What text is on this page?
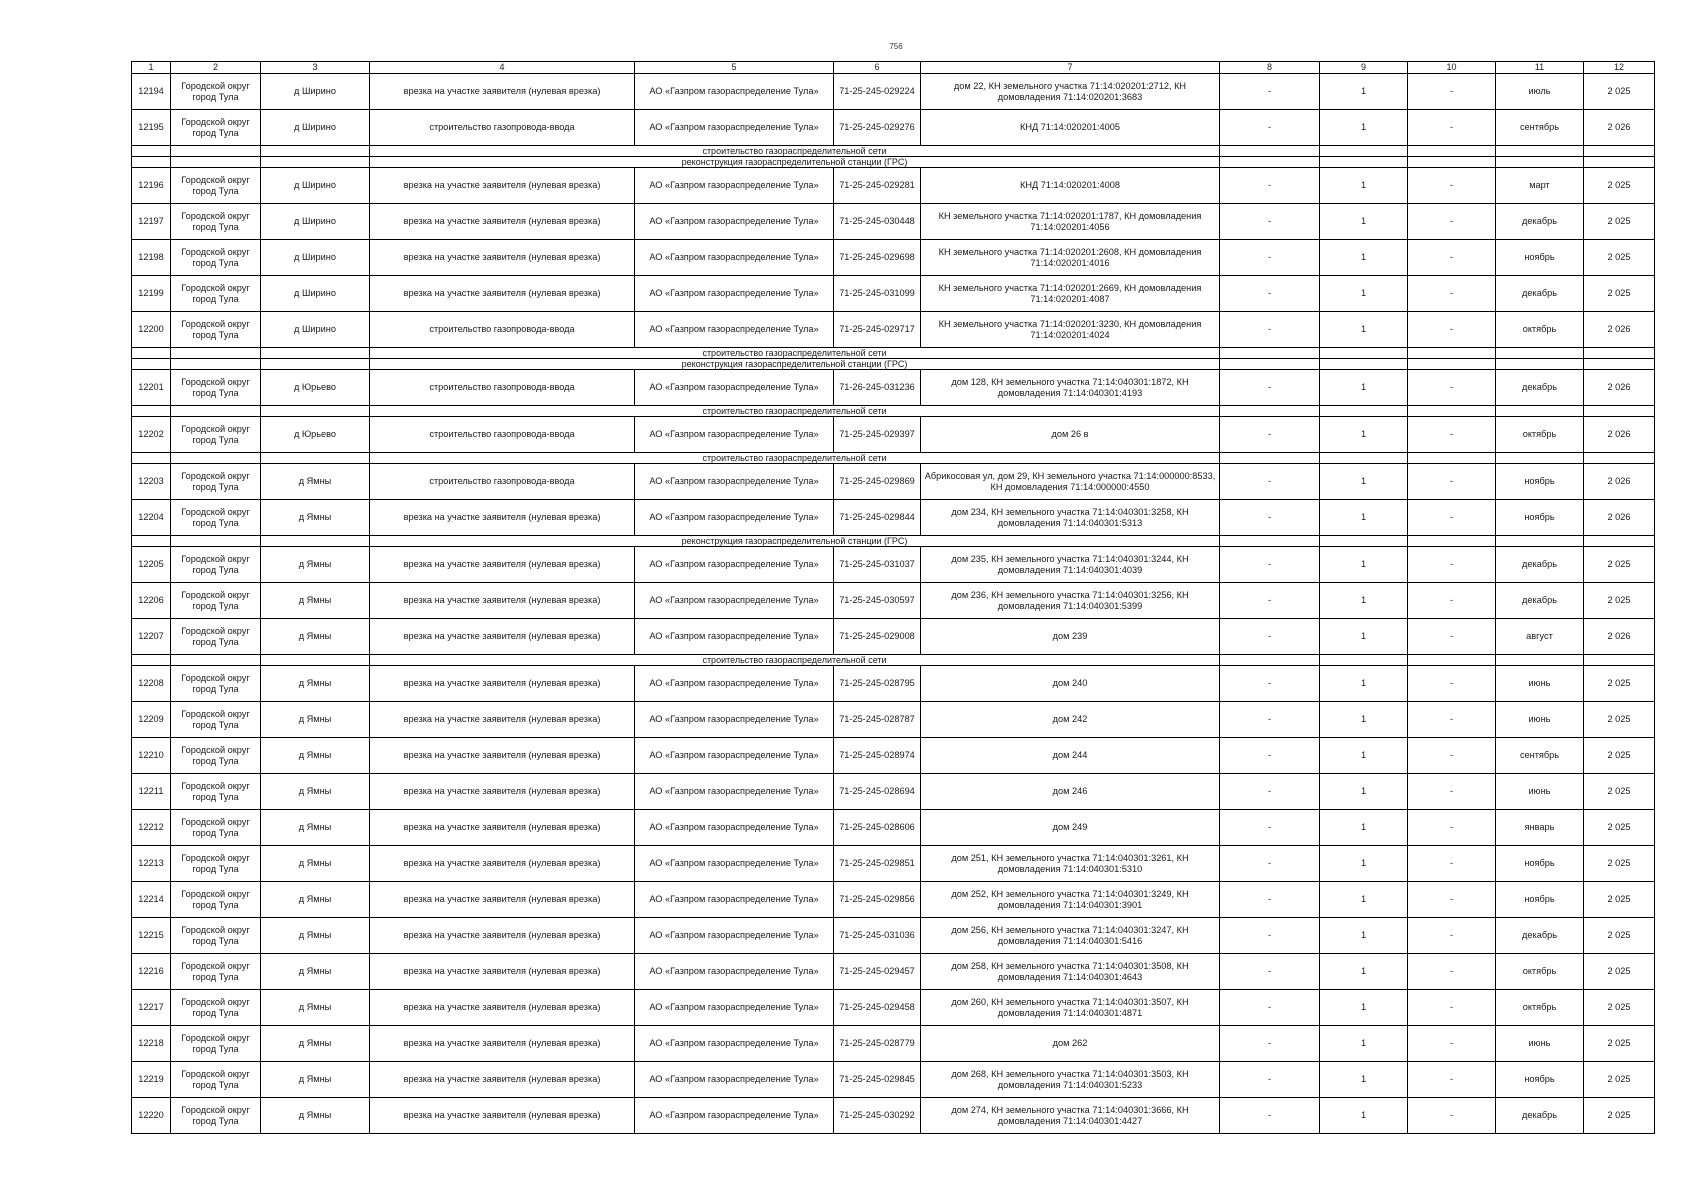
756
1	2	3	4	5	6	7	8	9	10	11	12
12194	Городской округ город Тула	д Ширино	врезка на участке заявителя (нулевая врезка)	АО «Газпром газораспределение Тула»	71-25-245-029224	дом 22, КН земельного участка 71:14:020201:2712, КН домовладения 71:14:020201:3683	-	1	-	июль	2 025
12195	Городской округ город Тула	д Ширино	строительство газопровода-ввода	АО «Газпром газораспределение Тула»	71-25-245-029276	КНД 71:14:020201:4005	-	1	-	сентябрь	2 026
			строительство газораспределительной сети								
			реконструкция газораспределительной станции (ГРС)								
12196	Городской округ город Тула	д Ширино	врезка на участке заявителя (нулевая врезка)	АО «Газпром газораспределение Тула»	71-25-245-029281	КНД 71:14:020201:4008	-	1	-	март	2 025
12197	Городской округ город Тула	д Ширино	врезка на участке заявителя (нулевая врезка)	АО «Газпром газораспределение Тула»	71-25-245-030448	КН земельного участка 71:14:020201:1787, КН домовладения 71:14:020201:4056	-	1	-	декабрь	2 025
12198	Городской округ город Тула	д Ширино	врезка на участке заявителя (нулевая врезка)	АО «Газпром газораспределение Тула»	71-25-245-029698	КН земельного участка 71:14:020201:2608, КН домовладения 71:14:020201:4016	-	1	-	ноябрь	2 025
12199	Городской округ город Тула	д Ширино	врезка на участке заявителя (нулевая врезка)	АО «Газпром газораспределение Тула»	71-25-245-031099	КН земельного участка 71:14:020201:2669, КН домовладения 71:14:020201:4087	-	1	-	декабрь	2 025
12200	Городской округ город Тула	д Ширино	строительство газопровода-ввода	АО «Газпром газораспределение Тула»	71-25-245-029717	КН земельного участка 71:14:020201:3230, КН домовладения 71:14:020201:4024	-	1	-	октябрь	2 026
			строительство газораспределительной сети								
			реконструкция газораспределительной станции (ГРС)								
12201	Городской округ город Тула	д Юрьево	строительство газопровода-ввода	АО «Газпром газораспределение Тула»	71-26-245-031236	дом 128, КН земельного участка 71:14:040301:1872, КН домовладения 71:14:040301:4193	-	1	-	декабрь	2 026
			строительство газораспределительной сети								
12202	Городской округ город Тула	д Юрьево	строительство газопровода-ввода	АО «Газпром газораспределение Тула»	71-25-245-029397	дом 26 в	-	1	-	октябрь	2 026
			строительство газораспределительной сети								
12203	Городской округ город Тула	д Ямны	строительство газопровода-ввода	АО «Газпром газораспределение Тула»	71-25-245-029869	Абрикосовая ул, дом 29, КН земельного участка 71:14:000000:8533, КН домовладения 71:14:000000:4550	-	1	-	ноябрь	2 026
12204	Городской округ город Тула	д Ямны	врезка на участке заявителя (нулевая врезка)	АО «Газпром газораспределение Тула»	71-25-245-029844	дом 234, КН земельного участка 71:14:040301:3258, КН домовладения 71:14:040301:5313	-	1	-	ноябрь	2 026
			реконструкция газораспределительной станции (ГРС)								
12205	Городской округ город Тула	д Ямны	врезка на участке заявителя (нулевая врезка)	АО «Газпром газораспределение Тула»	71-25-245-031037	дом 235, КН земельного участка 71:14:040301:3244, КН домовладения 71:14:040301:4039	-	1	-	декабрь	2 025
12206	Городской округ город Тула	д Ямны	врезка на участке заявителя (нулевая врезка)	АО «Газпром газораспределение Тула»	71-25-245-030597	дом 236, КН земельного участка 71:14:040301:3256, КН домовладения 71:14:040301:5399	-	1	-	декабрь	2 025
12207	Городской округ город Тула	д Ямны	врезка на участке заявителя (нулевая врезка)	АО «Газпром газораспределение Тула»	71-25-245-029008	дом 239	-	1	-	август	2 026
			строительство газораспределительной сети								
12208	Городской округ город Тула	д Ямны	врезка на участке заявителя (нулевая врезка)	АО «Газпром газораспределение Тула»	71-25-245-028795	дом 240	-	1	-	июнь	2 025
12209	Городской округ город Тула	д Ямны	врезка на участке заявителя (нулевая врезка)	АО «Газпром газораспределение Тула»	71-25-245-028787	дом 242	-	1	-	июнь	2 025
12210	Городской округ город Тула	д Ямны	врезка на участке заявителя (нулевая врезка)	АО «Газпром газораспределение Тула»	71-25-245-028974	дом 244	-	1	-	сентябрь	2 025
12211	Городской округ город Тула	д Ямны	врезка на участке заявителя (нулевая врезка)	АО «Газпром газораспределение Тула»	71-25-245-028694	дом 246	-	1	-	июнь	2 025
12212	Городской округ город Тула	д Ямны	врезка на участке заявителя (нулевая врезка)	АО «Газпром газораспределение Тула»	71-25-245-028606	дом 249	-	1	-	январь	2 025
12213	Городской округ город Тула	д Ямны	врезка на участке заявителя (нулевая врезка)	АО «Газпром газораспределение Тула»	71-25-245-029851	дом 251, КН земельного участка 71:14:040301:3261, КН домовладения 71:14:040301:5310	-	1	-	ноябрь	2 025
12214	Городской округ город Тула	д Ямны	врезка на участке заявителя (нулевая врезка)	АО «Газпром газораспределение Тула»	71-25-245-029856	дом 252, КН земельного участка 71:14:040301:3249, КН домовладения 71:14:040301:3901	-	1	-	ноябрь	2 025
12215	Городской округ город Тула	д Ямны	врезка на участке заявителя (нулевая врезка)	АО «Газпром газораспределение Тула»	71-25-245-031036	дом 256, КН земельного участка 71:14:040301:3247, КН домовладения 71:14:040301:5416	-	1	-	декабрь	2 025
12216	Городской округ город Тула	д Ямны	врезка на участке заявителя (нулевая врезка)	АО «Газпром газораспределение Тула»	71-25-245-029457	дом 258, КН земельного участка 71:14:040301:3508, КН домовладения 71:14:040301:4643	-	1	-	октябрь	2 025
12217	Городской округ город Тула	д Ямны	врезка на участке заявителя (нулевая врезка)	АО «Газпром газораспределение Тула»	71-25-245-029458	дом 260, КН земельного участка 71:14:040301:3507, КН домовладения 71:14:040301:4871	-	1	-	октябрь	2 025
12218	Городской округ город Тула	д Ямны	врезка на участке заявителя (нулевая врезка)	АО «Газпром газораспределение Тула»	71-25-245-028779	дом 262	-	1	-	июнь	2 025
12219	Городской округ город Тула	д Ямны	врезка на участке заявителя (нулевая врезка)	АО «Газпром газораспределение Тула»	71-25-245-029845	дом 268, КН земельного участка 71:14:040301:3503, КН домовладения 71:14:040301:5233	-	1	-	ноябрь	2 025
12220	Городской округ город Тула	д Ямны	врезка на участке заявителя (нулевая врезка)	АО «Газпром газораспределение Тула»	71-25-245-030292	дом 274, КН земельного участка 71:14:040301:3666, КН домовладения 71:14:040301:4427	-	1	-	декабрь	2 025
